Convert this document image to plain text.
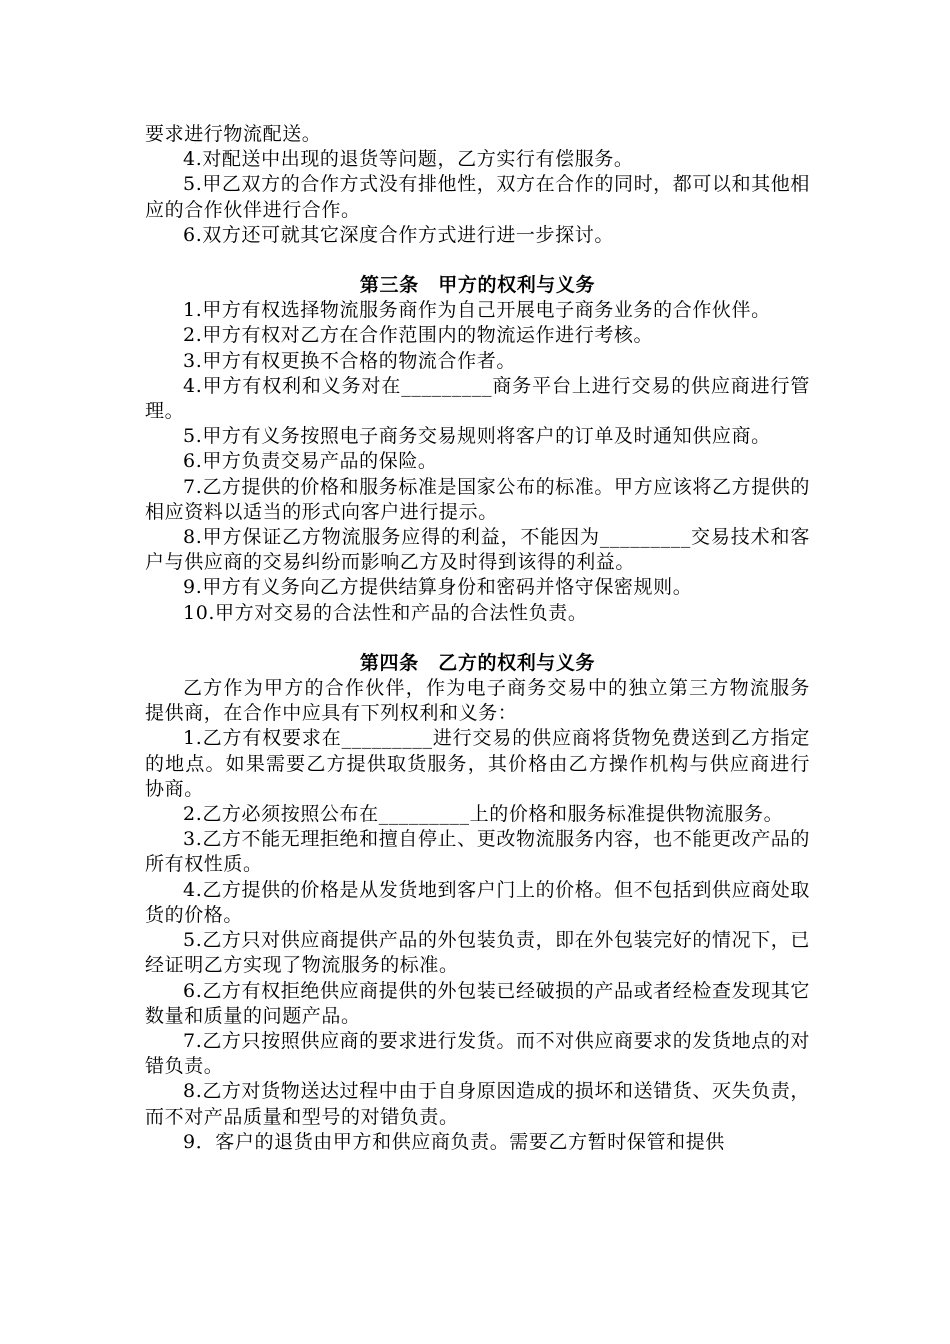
要求进行物流配送。

4.对配送中出现的退货等问题，乙方实行有偿服务。

5.甲乙双方的合作方式没有排他性，双方在合作的同时，都可以和其他相应的合作伙伴进行合作。

6.双方还可就其它深度合作方式进行进一步探讨。

第三条　甲方的权利与义务

1.甲方有权选择物流服务商作为自己开展电子商务业务的合作伙伴。

2.甲方有权对乙方在合作范围内的物流运作进行考核。

3.甲方有权更换不合格的物流合作者。

4.甲方有权利和义务对在_________商务平台上进行交易的供应商进行管理。

5.甲方有义务按照电子商务交易规则将客户的订单及时通知供应商。

6.甲方负责交易产品的保险。

7.乙方提供的价格和服务标准是国家公布的标准。甲方应该将乙方提供的相应资料以适当的形式向客户进行提示。

8.甲方保证乙方物流服务应得的利益，不能因为_________交易技术和客户与供应商的交易纠纷而影响乙方及时得到该得的利益。

9.甲方有义务向乙方提供结算身份和密码并恪守保密规则。

10.甲方对交易的合法性和产品的合法性负责。

第四条　乙方的权利与义务

乙方作为甲方的合作伙伴，作为电子商务交易中的独立第三方物流服务提供商，在合作中应具有下列权利和义务：

1.乙方有权要求在_________进行交易的供应商将货物免费送到乙方指定的地点。如果需要乙方提供取货服务，其价格由乙方操作机构与供应商进行协商。

2.乙方必须按照公布在_________上的价格和服务标准提供物流服务。

3.乙方不能无理拒绝和擅自停止、更改物流服务内容，也不能更改产品的所有权性质。

4.乙方提供的价格是从发货地到客户门上的价格。但不包括到供应商处取货的价格。

5.乙方只对供应商提供产品的外包装负责，即在外包装完好的情况下，已经证明乙方实现了物流服务的标准。

6.乙方有权拒绝供应商提供的外包装已经破损的产品或者经检查发现其它数量和质量的问题产品。

7.乙方只按照供应商的要求进行发货。而不对供应商要求的发货地点的对错负责。

8.乙方对货物送达过程中由于自身原因造成的损坏和送错货、灭失负责，而不对产品质量和型号的对错负责。

9．客户的退货由甲方和供应商负责。需要乙方暂时保管和提供
